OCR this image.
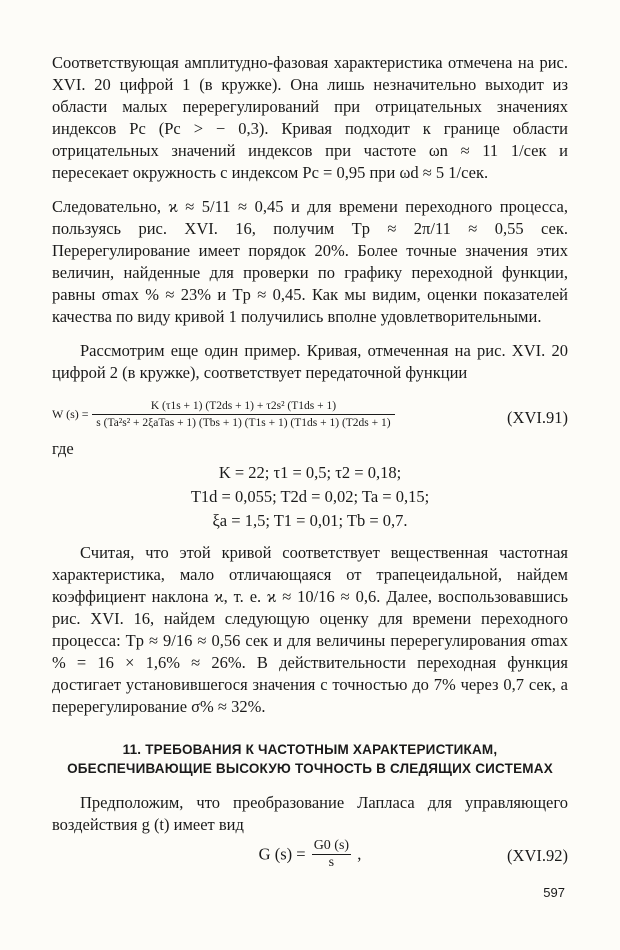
Соответствующая амплитудно-фазовая характеристика отмечена на рис. XVI. 20 цифрой 1 (в кружке). Она лишь незначительно выходит из области малых перерегулирований при отрицательных значениях индексов Pc (Pc > − 0,3). Кривая подходит к границе области отрицательных значений индексов при частоте ωn ≈ 11 1/сек и пересекает окружность с индексом Pc = 0,95 при ωd ≈ 5 1/сек.

Следовательно, ϰ ≈ 5/11 ≈ 0,45 и для времени переходного процесса, пользуясь рис. XVI. 16, получим Tp ≈ 2π/11 ≈ 0,55 сек. Перерегулирование имеет порядок 20%. Более точные значения этих величин, найденные для проверки по графику переходной функции, равны σmax % ≈ 23% и Tp ≈ 0,45. Как мы видим, оценки показателей качества по виду кривой 1 получились вполне удовлетворительными.

Рассмотрим еще один пример. Кривая, отмеченная на рис. XVI. 20 цифрой 2 (в кружке), соответствует передаточной функции

W (s) =
K (τ1s + 1) (T2ds + 1) + τ2s² (T1ds + 1)
s (Ta²s² + 2ξaTas + 1) (Tbs + 1) (T1s + 1) (T1ds + 1) (T2ds + 1)	(XVI.91)
где
K = 22; τ1 = 0,5; τ2 = 0,18;
T1d = 0,055; T2d = 0,02; Ta = 0,15;
ξa = 1,5; T1 = 0,01; Tb = 0,7.

Считая, что этой кривой соответствует вещественная частотная характеристика, мало отличающаяся от трапецеидальной, найдем коэффициент наклона ϰ, т. е. ϰ ≈ 10/16 ≈ 0,6. Далее, воспользовавшись рис. XVI. 16, найдем следующую оценку для времени переходного процесса: Tp ≈ 9/16 ≈ 0,56 сек и для величины перерегулирования σmax % = 16 × 1,6% ≈ 26%. В действительности переходная функция достигает установившегося значения с точностью до 7% через 0,7 сек, а перерегулирование σ% ≈ 32%.

11. ТРЕБОВАНИЯ К ЧАСТОТНЫМ ХАРАКТЕРИСТИКАМ, ОБЕСПЕЧИВАЮЩИЕ ВЫСОКУЮ ТОЧНОСТЬ В СЛЕДЯЩИХ СИСТЕМАХ

Предположим, что преобразование Лапласа для управляющего воздействия g (t) имеет вид

G $(s) = \frac{G0 (s)}{s}$ ,	(XVI.92)
597
